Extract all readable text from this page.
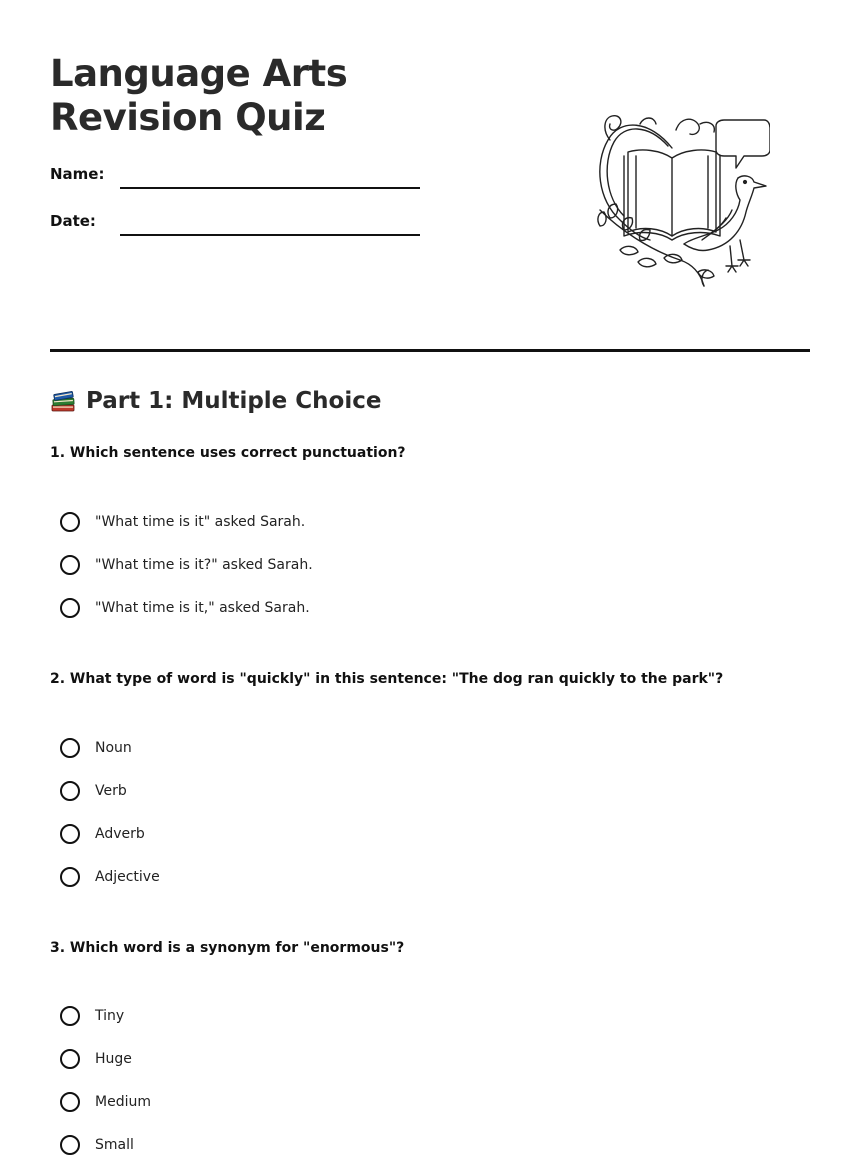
Language Arts Revision Quiz
Name:
Date:
Part 1: Multiple Choice

1. Which sentence uses correct punctuation?

"What time is it" asked Sarah.
"What time is it?" asked Sarah.
"What time is it," asked Sarah.

2. What type of word is "quickly" in this sentence: "The dog ran quickly to the park"?

Noun
Verb
Adverb
Adjective

3. Which word is a synonym for "enormous"?

Tiny
Huge
Medium
Small
